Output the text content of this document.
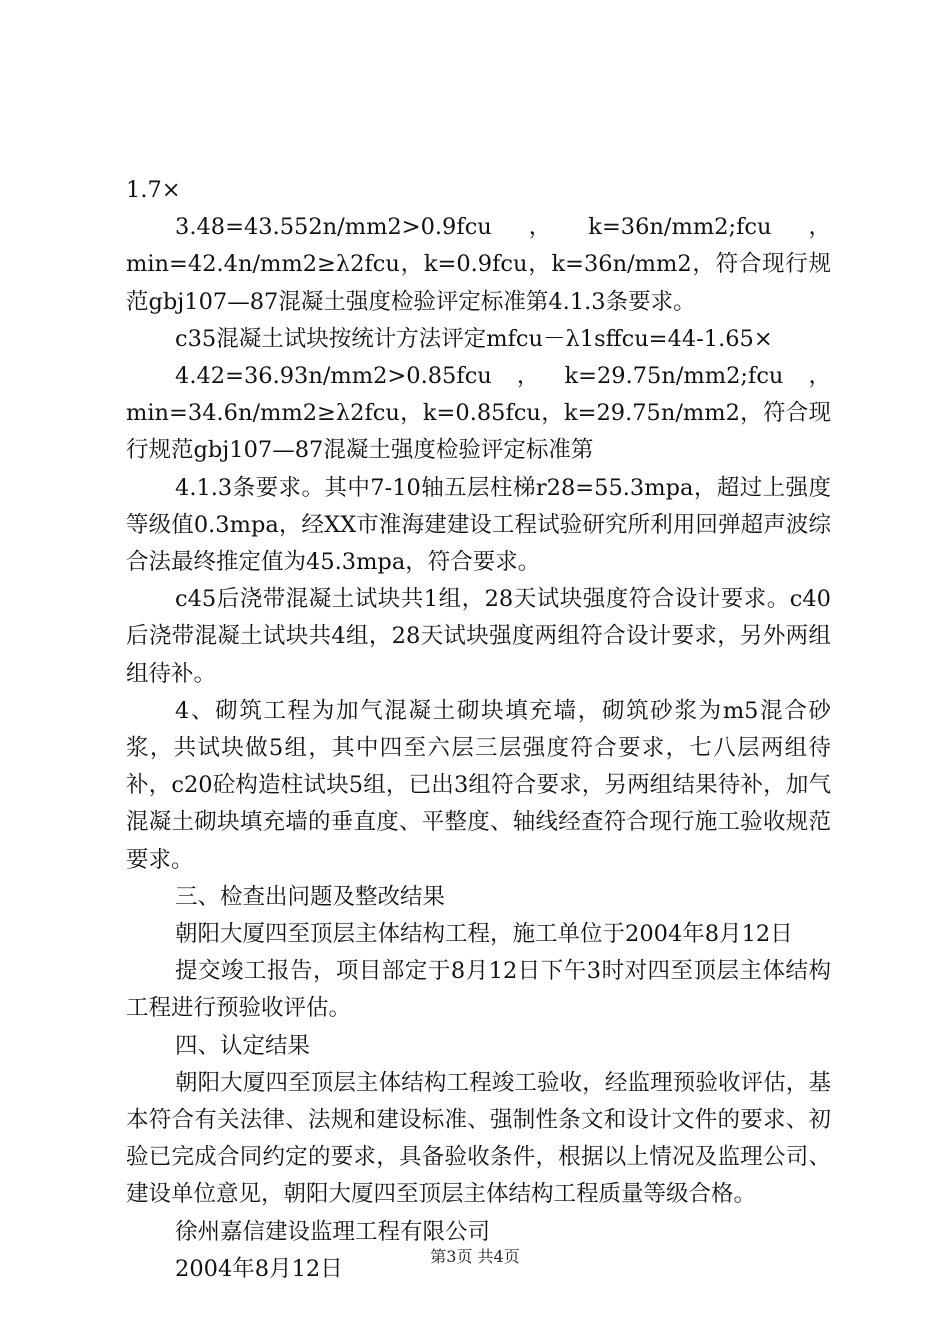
1.7×

3.48=43.552n/mm2>0.9fcu，k=36n/mm2;fcu，min=42.4n/mm2≥λ2fcu，k=0.9fcu，k=36n/mm2，符合现行规范gbj107—87混凝土强度检验评定标准第4.1.3条要求。

c35混凝土试块按统计方法评定mfcu－λ1sffcu=44-1.65×

4.42=36.93n/mm2>0.85fcu，k=29.75n/mm2;fcu，min=34.6n/mm2≥λ2fcu，k=0.85fcu，k=29.75n/mm2，符合现行规范gbj107—87混凝土强度检验评定标准第

4.1.3条要求。其中7-10轴五层柱梯r28=55.3mpa，超过上强度等级值0.3mpa，经XX市淮海建建设工程试验研究所利用回弹超声波综合法最终推定值为45.3mpa，符合要求。

c45后浇带混凝土试块共1组，28天试块强度符合设计要求。c40后浇带混凝土试块共4组，28天试块强度两组符合设计要求，另外两组组待补。

4、砌筑工程为加气混凝土砌块填充墙，砌筑砂浆为m5混合砂浆，共试块做5组，其中四至六层三层强度符合要求，七八层两组待补，c20砼构造柱试块5组，已出3组符合要求，另两组结果待补，加气混凝土砌块填充墙的垂直度、平整度、轴线经查符合现行施工验收规范要求。

三、检查出问题及整改结果

朝阳大厦四至顶层主体结构工程，施工单位于2004年8月12日

提交竣工报告，项目部定于8月12日下午3时对四至顶层主体结构工程进行预验收评估。

四、认定结果

朝阳大厦四至顶层主体结构工程竣工验收，经监理预验收评估，基本符合有关法律、法规和建设标准、强制性条文和设计文件的要求、初验已完成合同约定的要求，具备验收条件，根据以上情况及监理公司、建设单位意见，朝阳大厦四至顶层主体结构工程质量等级合格。

徐州嘉信建设监理工程有限公司

2004年8月12日	第3页 共4页
